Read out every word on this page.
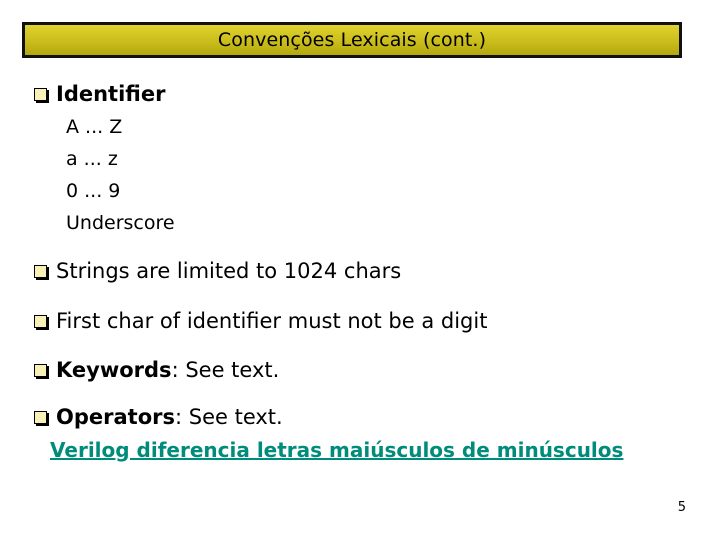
Convenções Lexicais (cont.)
Identifier
A ... Z
a ... z
0 ... 9
Underscore
Strings are limited to 1024 chars
First char of identifier must not be a digit
Keywords : See text.
Operators : See text.
Verilog diferencia letras maiúsculos de minúsculos
5
